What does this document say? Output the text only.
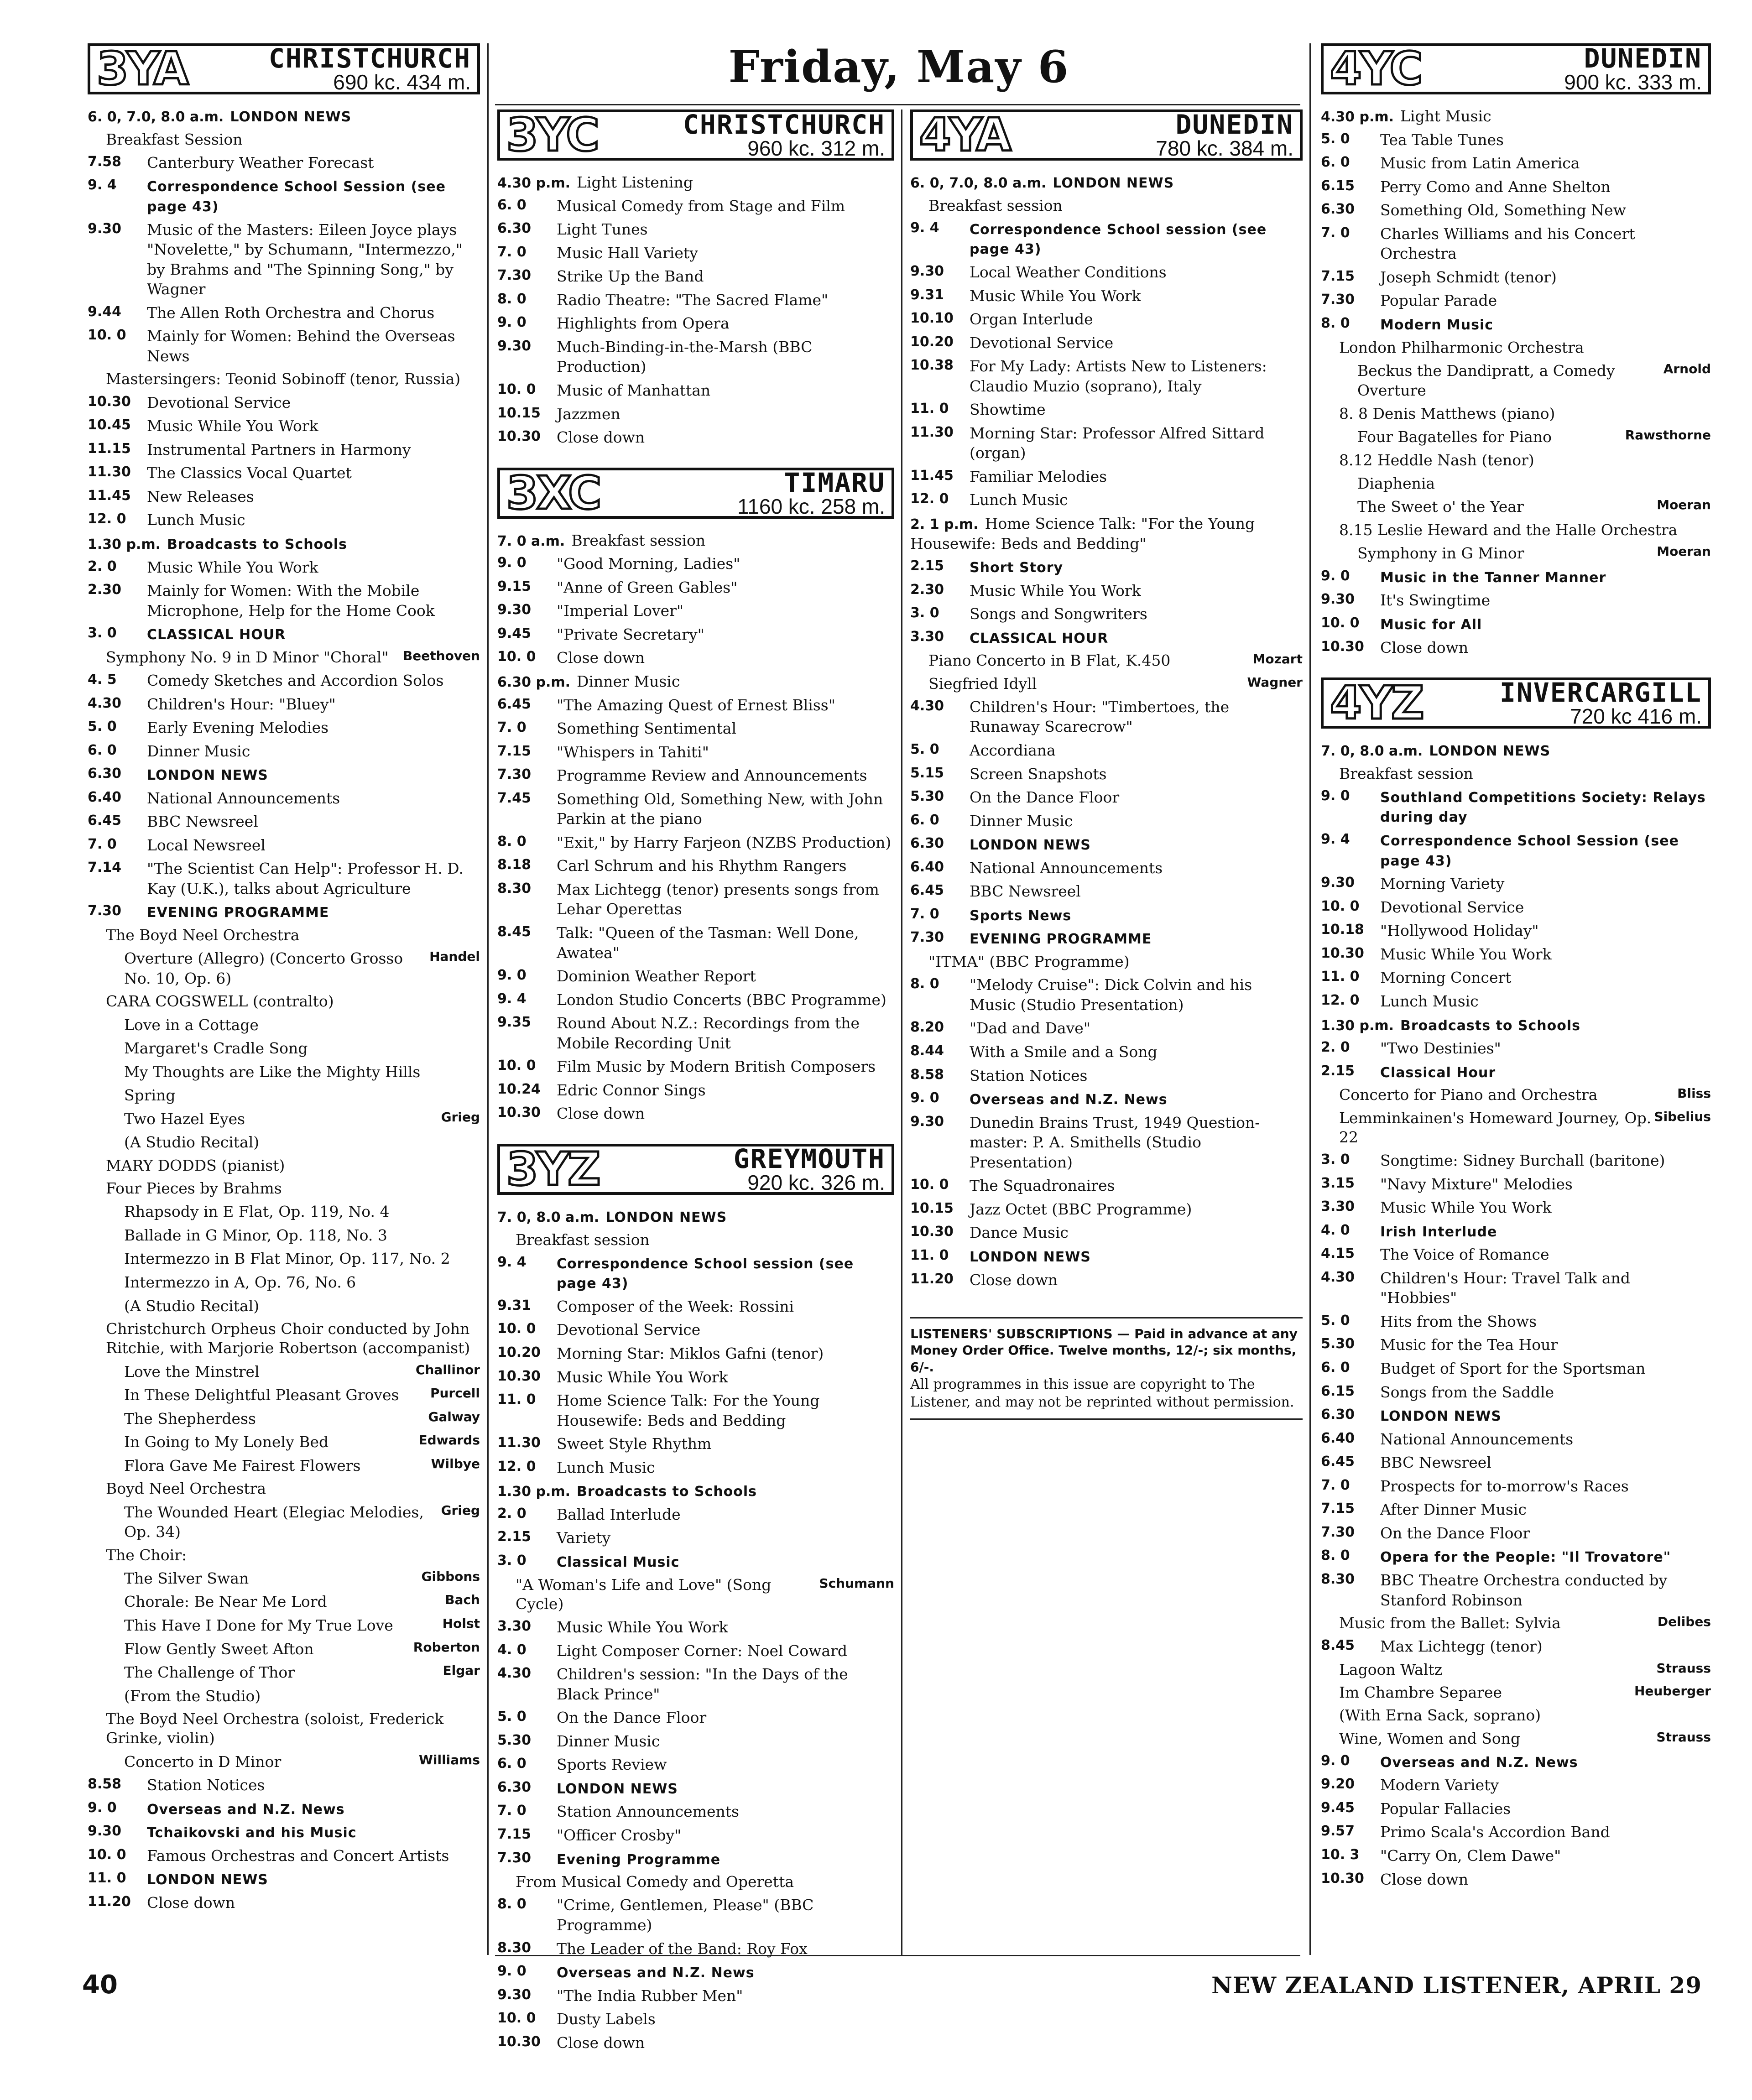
Friday, May 6
3YA	CHRISTCHURCH
690 kc. 434 m.
6. 0, 7.0, 8.0 a.m. LONDON NEWS
Breakfast Session
7.58 Canterbury Weather Forecast
9. 4 Correspondence School Session (see page 43)
9.30 Music of the Masters: Eileen Joyce plays "Novelette," by Schumann, "Intermezzo," by Brahms and "The Spinning Song," by Wagner
9.44 The Allen Roth Orchestra and Chorus
10. 0 Mainly for Women: Behind the Overseas News
Mastersingers: Teonid Sobinoff (tenor, Russia)
10.30 Devotional Service
10.45 Music While You Work
11.15 Instrumental Partners in Harmony
11.30 The Classics Vocal Quartet
11.45 New Releases
12. 0 Lunch Music
1.30 p.m. Broadcasts to Schools
2. 0 Music While You Work
2.30 Mainly for Women: With the Mobile Microphone, Help for the Home Cook
3. 0 CLASSICAL HOUR
Beethoven
Symphony No. 9 in D Minor "Choral"
4. 5 Comedy Sketches and Accordion Solos
4.30 Children's Hour: "Bluey"
5. 0 Early Evening Melodies
6. 0 Dinner Music
6.30 LONDON NEWS
6.40 National Announcements
6.45 BBC Newsreel
7. 0 Local Newsreel
7.14 "The Scientist Can Help": Professor H. D. Kay (U.K.), talks about Agriculture
7.30 EVENING PROGRAMME
The Boyd Neel Orchestra
Handel
Overture (Allegro) (Concerto Grosso No. 10, Op. 6)
CARA COGSWELL (contralto)
Love in a Cottage
Margaret's Cradle Song
My Thoughts are Like the Mighty Hills
Spring
Grieg
Two Hazel Eyes
(A Studio Recital)
MARY DODDS (pianist)
Four Pieces by Brahms
Rhapsody in E Flat, Op. 119, No. 4
Ballade in G Minor, Op. 118, No. 3
Intermezzo in B Flat Minor, Op. 117, No. 2
Intermezzo in A, Op. 76, No. 6
(A Studio Recital)
Christchurch Orpheus Choir conducted by John Ritchie, with Marjorie Robertson (accompanist)
Challinor
Love the Minstrel
Purcell
In These Delightful Pleasant Groves
Galway
The Shepherdess
Edwards
In Going to My Lonely Bed
Wilbye
Flora Gave Me Fairest Flowers
Boyd Neel Orchestra
Grieg
The Wounded Heart (Elegiac Melodies, Op. 34)
The Choir:
Gibbons
The Silver Swan
Bach
Chorale: Be Near Me Lord
Holst
This Have I Done for My True Love
Roberton
Flow Gently Sweet Afton
Elgar
The Challenge of Thor
(From the Studio)
The Boyd Neel Orchestra (soloist, Frederick Grinke, violin)
Williams
Concerto in D Minor
8.58 Station Notices
9. 0 Overseas and N.Z. News
9.30 Tchaikovski and his Music
10. 0 Famous Orchestras and Concert Artists
11. 0 LONDON NEWS
11.20 Close down
3YC	CHRISTCHURCH
960 kc. 312 m.
4.30 p.m. Light Listening
6. 0 Musical Comedy from Stage and Film
6.30 Light Tunes
7. 0 Music Hall Variety
7.30 Strike Up the Band
8. 0 Radio Theatre: "The Sacred Flame"
9. 0 Highlights from Opera
9.30 Much-Binding-in-the-Marsh (BBC Production)
10. 0 Music of Manhattan
10.15 Jazzmen
10.30 Close down
3XC	TIMARU
1160 kc. 258 m.
7. 0 a.m. Breakfast session
9. 0 "Good Morning, Ladies"
9.15 "Anne of Green Gables"
9.30 "Imperial Lover"
9.45 "Private Secretary"
10. 0 Close down
6.30 p.m. Dinner Music
6.45 "The Amazing Quest of Ernest Bliss"
7. 0 Something Sentimental
7.15 "Whispers in Tahiti"
7.30 Programme Review and Announcements
7.45 Something Old, Something New, with John Parkin at the piano
8. 0 "Exit," by Harry Farjeon (NZBS Production)
8.18 Carl Schrum and his Rhythm Rangers
8.30 Max Lichtegg (tenor) presents songs from Lehar Operettas
8.45 Talk: "Queen of the Tasman: Well Done, Awatea"
9. 0 Dominion Weather Report
9. 4 London Studio Concerts (BBC Programme)
9.35 Round About N.Z.: Recordings from the Mobile Recording Unit
10. 0 Film Music by Modern British Composers
10.24 Edric Connor Sings
10.30 Close down
3YZ	GREYMOUTH
920 kc. 326 m.
7. 0, 8.0 a.m. LONDON NEWS
Breakfast session
9. 4 Correspondence School session (see page 43)
9.31 Composer of the Week: Rossini
10. 0 Devotional Service
10.20 Morning Star: Miklos Gafni (tenor)
10.30 Music While You Work
11. 0 Home Science Talk: For the Young Housewife: Beds and Bedding
11.30 Sweet Style Rhythm
12. 0 Lunch Music
1.30 p.m. Broadcasts to Schools
2. 0 Ballad Interlude
2.15 Variety
3. 0 Classical Music
Schumann
"A Woman's Life and Love" (Song Cycle)
3.30 Music While You Work
4. 0 Light Composer Corner: Noel Coward
4.30 Children's session: "In the Days of the Black Prince"
5. 0 On the Dance Floor
5.30 Dinner Music
6. 0 Sports Review
6.30 LONDON NEWS
7. 0 Station Announcements
7.15 "Officer Crosby"
7.30 Evening Programme
From Musical Comedy and Operetta
8. 0 "Crime, Gentlemen, Please" (BBC Programme)
8.30 The Leader of the Band: Roy Fox
9. 0 Overseas and N.Z. News
9.30 "The India Rubber Men"
10. 0 Dusty Labels
10.30 Close down
4YA	DUNEDIN
780 kc. 384 m.
6. 0, 7.0, 8.0 a.m. LONDON NEWS
Breakfast session
9. 4 Correspondence School session (see page 43)
9.30 Local Weather Conditions
9.31 Music While You Work
10.10 Organ Interlude
10.20 Devotional Service
10.38 For My Lady: Artists New to Listeners: Claudio Muzio (soprano), Italy
11. 0 Showtime
11.30 Morning Star: Professor Alfred Sittard (organ)
11.45 Familiar Melodies
12. 0 Lunch Music
2. 1 p.m. Home Science Talk: "For the Young Housewife: Beds and Bedding"
2.15 Short Story
2.30 Music While You Work
3. 0 Songs and Songwriters
3.30 CLASSICAL HOUR
Mozart
Piano Concerto in B Flat, K.450
Wagner
Siegfried Idyll
4.30 Children's Hour: "Timbertoes, the Runaway Scarecrow"
5. 0 Accordiana
5.15 Screen Snapshots
5.30 On the Dance Floor
6. 0 Dinner Music
6.30 LONDON NEWS
6.40 National Announcements
6.45 BBC Newsreel
7. 0 Sports News
7.30 EVENING PROGRAMME
"ITMA" (BBC Programme)
8. 0 "Melody Cruise": Dick Colvin and his Music (Studio Presentation)
8.20 "Dad and Dave"
8.44 With a Smile and a Song
8.58 Station Notices
9. 0 Overseas and N.Z. News
9.30 Dunedin Brains Trust, 1949 Question-master: P. A. Smithells (Studio Presentation)
10. 0 The Squadronaires
10.15 Jazz Octet (BBC Programme)
10.30 Dance Music
11. 0 LONDON NEWS
11.20 Close down
LISTENERS' SUBSCRIPTIONS — Paid in advance at any Money Order Office. Twelve months, 12/-; six months, 6/-.
All programmes in this issue are copyright to The Listener, and may not be reprinted without permission.
4YC	DUNEDIN
900 kc. 333 m.
4.30 p.m. Light Music
5. 0 Tea Table Tunes
6. 0 Music from Latin America
6.15 Perry Como and Anne Shelton
6.30 Something Old, Something New
7. 0 Charles Williams and his Concert Orchestra
7.15 Joseph Schmidt (tenor)
7.30 Popular Parade
8. 0 Modern Music
London Philharmonic Orchestra
Arnold
Beckus the Dandipratt, a Comedy Overture
8. 8 Denis Matthews (piano)
Rawsthorne
Four Bagatelles for Piano
8.12 Heddle Nash (tenor)
Diaphenia
Moeran
The Sweet o' the Year
8.15 Leslie Heward and the Halle Orchestra
Moeran
Symphony in G Minor
9. 0 Music in the Tanner Manner
9.30 It's Swingtime
10. 0 Music for All
10.30 Close down
4YZ	INVERCARGILL
720 kc 416 m.
7. 0, 8.0 a.m. LONDON NEWS
Breakfast session
9. 0 Southland Competitions Society: Relays during day
9. 4 Correspondence School Session (see page 43)
9.30 Morning Variety
10. 0 Devotional Service
10.18 "Hollywood Holiday"
10.30 Music While You Work
11. 0 Morning Concert
12. 0 Lunch Music
1.30 p.m. Broadcasts to Schools
2. 0 "Two Destinies"
2.15 Classical Hour
Bliss
Concerto for Piano and Orchestra
Sibelius
Lemminkainen's Homeward Journey, Op. 22
3. 0 Songtime: Sidney Burchall (baritone)
3.15 "Navy Mixture" Melodies
3.30 Music While You Work
4. 0 Irish Interlude
4.15 The Voice of Romance
4.30 Children's Hour: Travel Talk and "Hobbies"
5. 0 Hits from the Shows
5.30 Music for the Tea Hour
6. 0 Budget of Sport for the Sportsman
6.15 Songs from the Saddle
6.30 LONDON NEWS
6.40 National Announcements
6.45 BBC Newsreel
7. 0 Prospects for to-morrow's Races
7.15 After Dinner Music
7.30 On the Dance Floor
8. 0 Opera for the People: "Il Trovatore"
8.30 BBC Theatre Orchestra conducted by Stanford Robinson
Delibes
Music from the Ballet: Sylvia
8.45 Max Lichtegg (tenor)
Strauss
Lagoon Waltz
Heuberger
Im Chambre Separee
(With Erna Sack, soprano)
Strauss
Wine, Women and Song
9. 0 Overseas and N.Z. News
9.20 Modern Variety
9.45 Popular Fallacies
9.57 Primo Scala's Accordion Band
10. 3 "Carry On, Clem Dawe"
10.30 Close down
40	NEW ZEALAND LISTENER, APRIL 29
